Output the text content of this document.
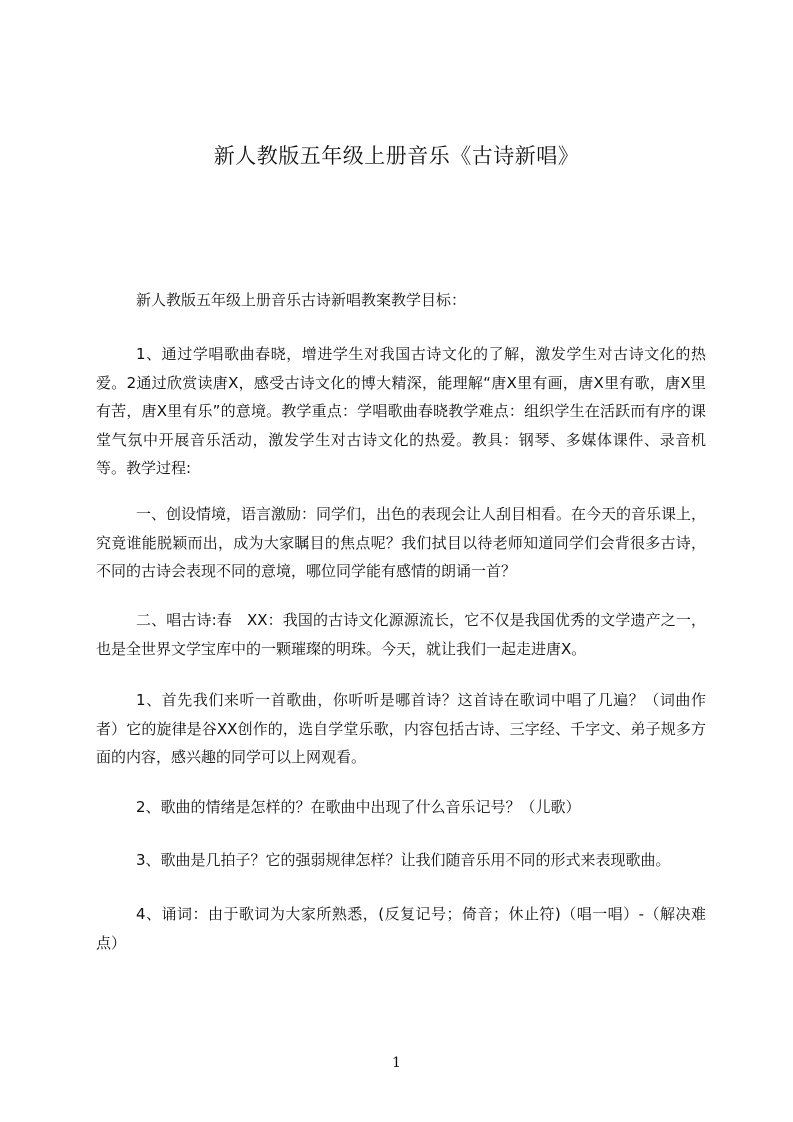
新人教版五年级上册音乐《古诗新唱》

新人教版五年级上册音乐古诗新唱教案教学目标：

1、通过学唱歌曲春晓，增进学生对我国古诗文化的了解，激发学生对古诗文化的热爱。2通过欣赏读唐X，感受古诗文化的博大精深，能理解“唐X里有画，唐X里有歌，唐X里有苦，唐X里有乐”的意境。教学重点：学唱歌曲春晓教学难点：组织学生在活跃而有序的课堂气氛中开展音乐活动，激发学生对古诗文化的热爱。教具：钢琴、多媒体课件、录音机等。教学过程:

一、创设情境，语言激励：同学们，出色的表现会让人刮目相看。在今天的音乐课上，究竟谁能脱颖而出，成为大家瞩目的焦点呢？我们拭目以待老师知道同学们会背很多古诗，不同的古诗会表现不同的意境，哪位同学能有感情的朗诵一首？

二、唱古诗:春　XX：我国的古诗文化源源流长，它不仅是我国优秀的文学遗产之一，也是全世界文学宝库中的一颗璀璨的明珠。今天，就让我们一起走进唐X。

1、首先我们来听一首歌曲，你听听是哪首诗？这首诗在歌词中唱了几遍？（词曲作者）它的旋律是谷XX创作的，选自学堂乐歌，内容包括古诗、三字经、千字文、弟子规多方面的内容，感兴趣的同学可以上网观看。

2、歌曲的情绪是怎样的？在歌曲中出现了什么音乐记号？（儿歌）

3、歌曲是几拍子？它的强弱规律怎样？让我们随音乐用不同的形式来表现歌曲。

4、诵词：由于歌词为大家所熟悉，(反复记号；倚音；休止符)（唱一唱）-（解决难点）

1
